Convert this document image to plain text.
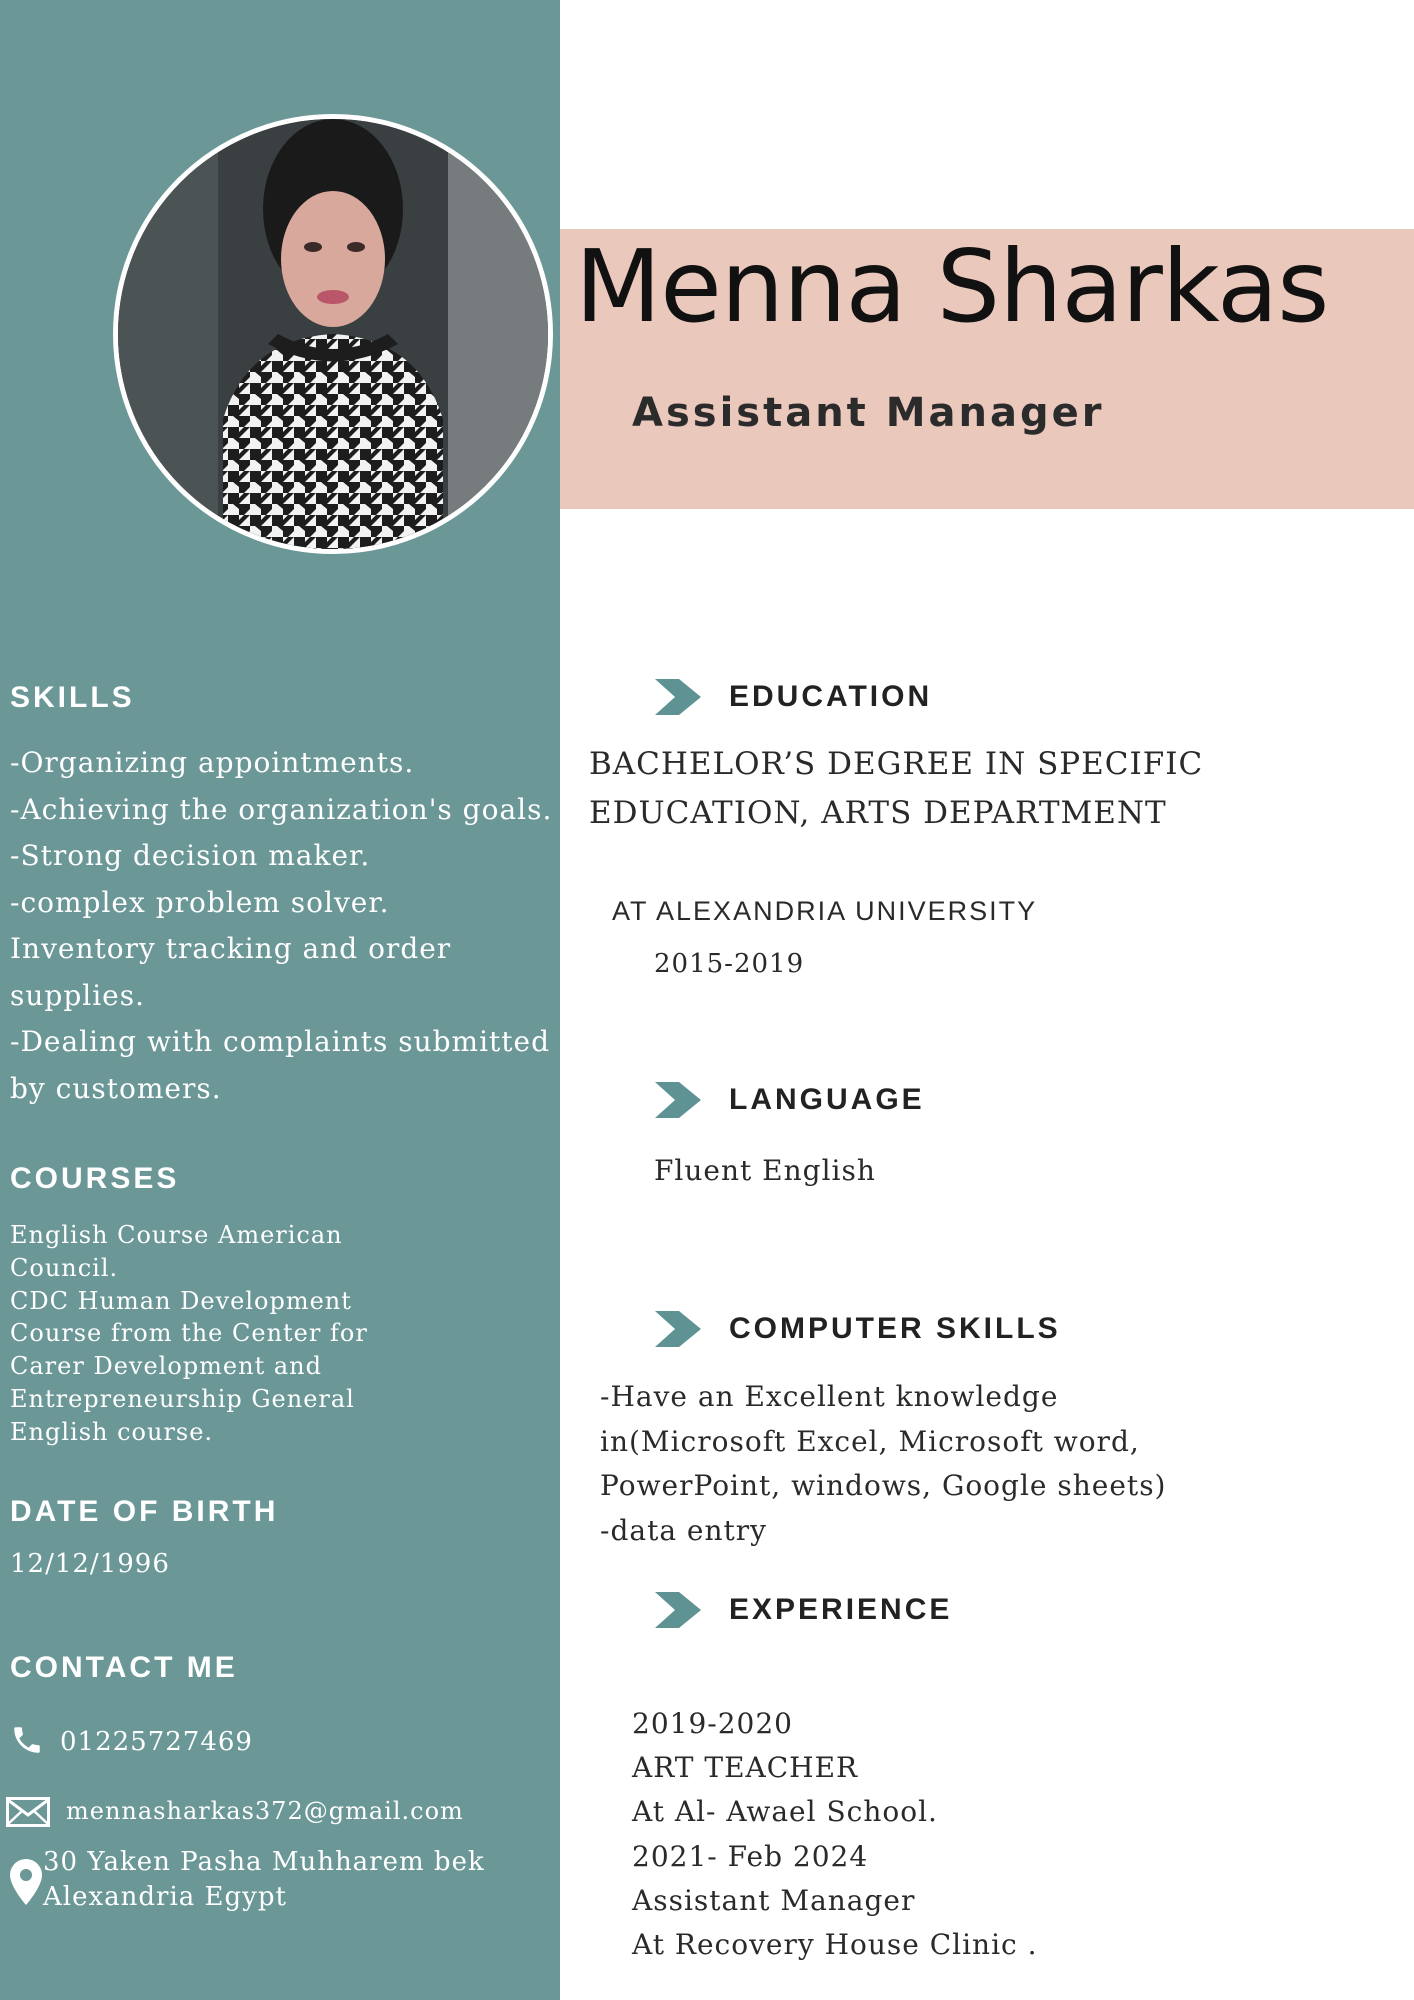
Menna Sharkas
Assistant Manager
SKILLS
-Organizing appointments.
-Achieving the organization's goals.
-Strong decision maker.
-complex problem solver.
Inventory tracking and order
supplies.
-Dealing with complaints submitted
by customers.
COURSES
English Course American
Council.
CDC Human Development
Course from the Center for
Carer Development and
Entrepreneurship General
English course.
DATE OF BIRTH
12/12/1996
CONTACT ME
01225727469
mennasharkas372@gmail.com
30 Yaken Pasha Muhharem bek
Alexandria Egypt
EDUCATION
BACHELOR’S DEGREE IN SPECIFIC
EDUCATION, ARTS DEPARTMENT
AT ALEXANDRIA UNIVERSITY
2015-2019
LANGUAGE
Fluent English
COMPUTER SKILLS
-Have an Excellent knowledge
in(Microsoft Excel, Microsoft word,
PowerPoint, windows, Google sheets)
-data entry
EXPERIENCE
2019-2020
ART TEACHER
At Al- Awael School.
2021- Feb 2024
Assistant Manager
At Recovery House Clinic .
